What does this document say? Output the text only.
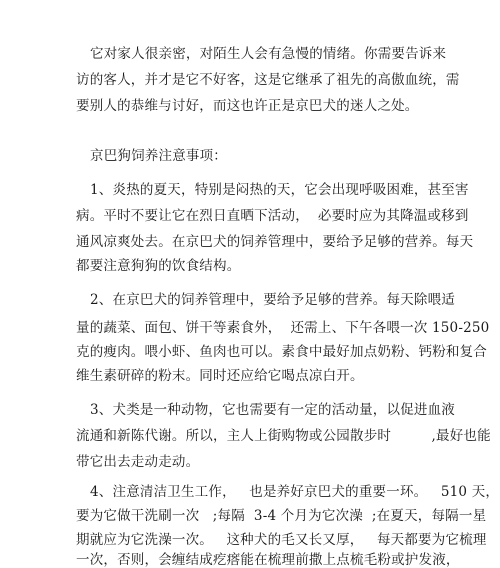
它对家人很亲密，对陌生人会有急慢的情绪。你需要告诉来
访的客人，并才是它不好客，这是它继承了祖先的高傲血统，需
要别人的恭维与讨好，而这也许正是京巴犬的迷人之处。
京巴狗饲养注意事项：
1、炎热的夏天，特别是闷热的天，它会出现呼吸困难，甚至害
病。平时不要让它在烈日直晒下活动，  必要时应为其降温或移到
通风凉爽处去。在京巴犬的饲养管理中，要给予足够的营养。每天
都要注意狗狗的饮食结构。
2、在京巴犬的饲养管理中，要给予足够的营养。每天除喂适
量的蔬菜、面包、饼干等素食外，  还需上、下午各喂一次 150-250
克的瘦肉。喂小虾、鱼肉也可以。素食中最好加点奶粉、钙粉和复合
维生素研碎的粉末。同时还应给它喝点凉白开。
3、犬类是一种动物，它也需要有一定的活动量，以促进血液
流通和新陈代谢。所以，主人上街购物或公园散步时         ,最好也能
带它出去走动走动。
4、注意清洁卫生工作，   也是养好京巴犬的重要一环。   510 天，
要为它做干洗刷一次   ;每隔  3-4 个月为它次澡  ;在夏天，每隔一星
期就应为它洗澡一次。   这种犬的毛又长又厚，   每天都要为它梳理
一次，否则，会缠结成疙瘩能在梳理前撒上点梳毛粉或护发液，
